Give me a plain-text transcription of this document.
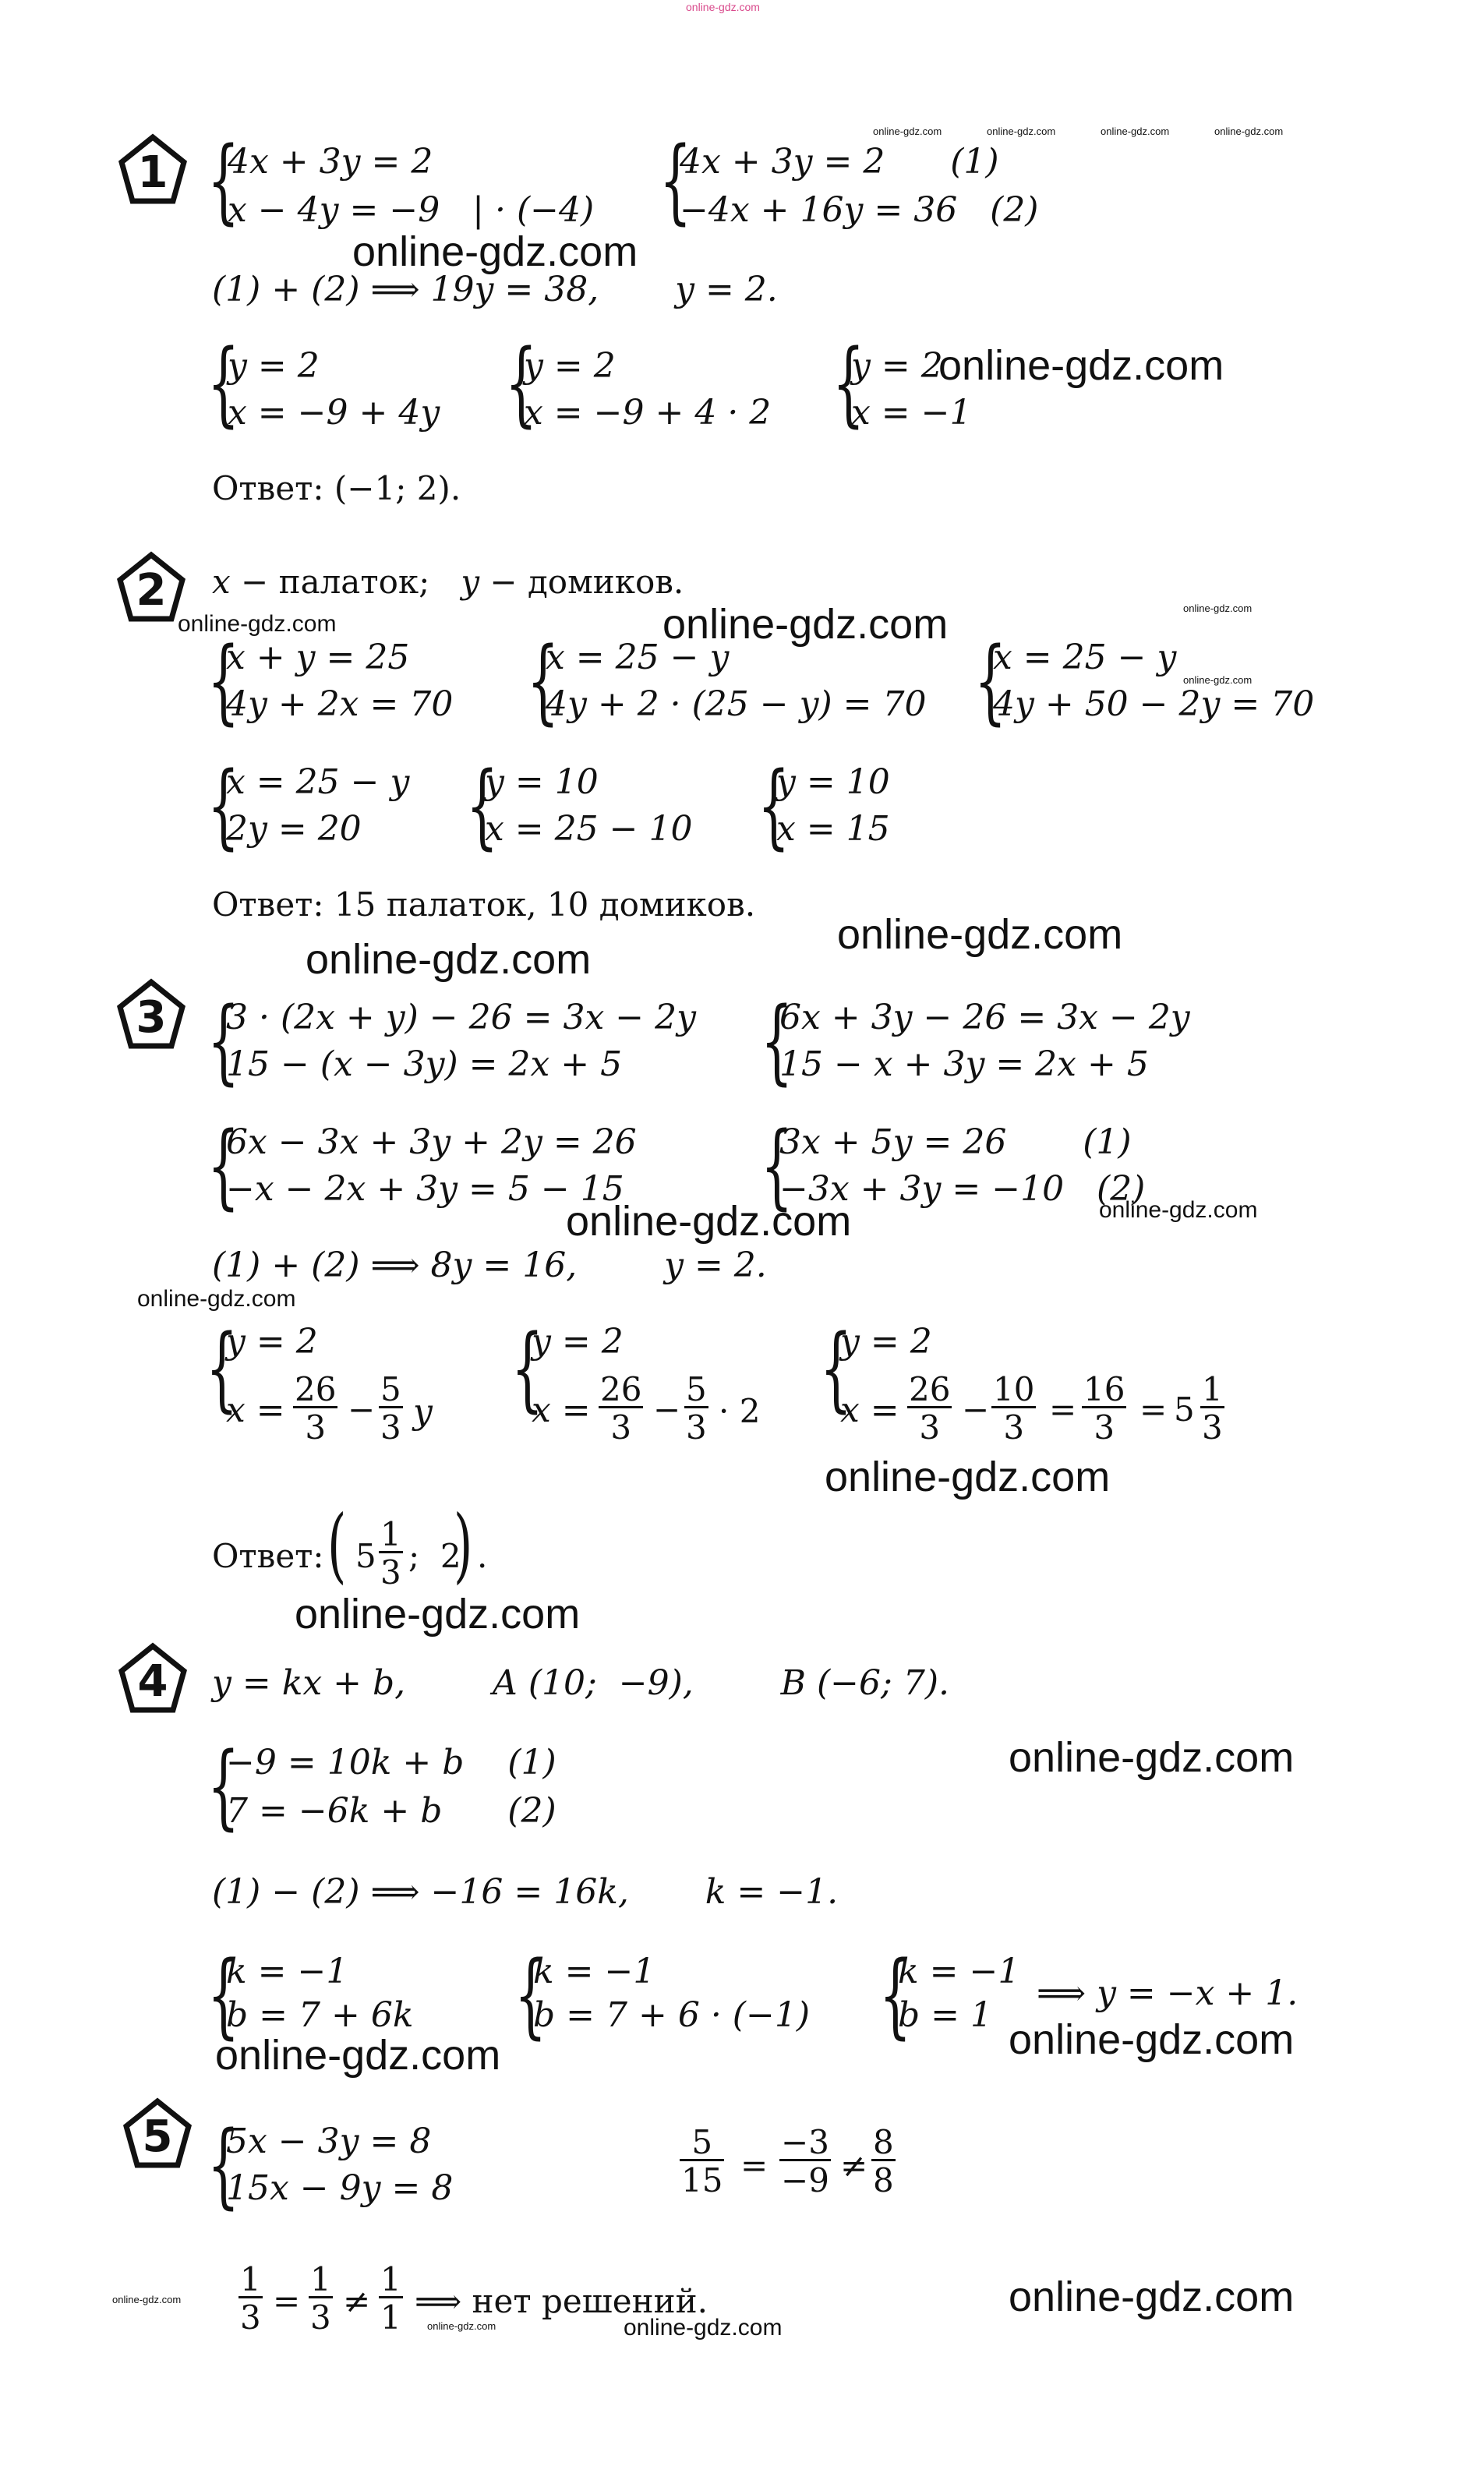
online-gdz.com
1 {
4x + 3y = 2
x − 4y = −9   | · (−4) {
4x + 3y = 2      (1)
−4x + 16y = 36   (2)
online-gdz.com	online-gdz.com	online-gdz.com	online-gdz.com
online-gdz.com
(1) + (2) ⟹ 19y = 38,       y = 2.
{
y = 2
x = −9 + 4y {
y = 2
x = −9 + 4 · 2 {
y = 2
x = −1
online-gdz.com
Ответ: (−1; 2).
2 x − палаток;   y − домиков.
online-gdz.com	online-gdz.com	online-gdz.com
online-gdz.com
{
x + y = 25
4y + 2x = 70 {
x = 25 − y
4y + 2 · (25 − y) = 70 {
x = 25 − y
4y + 50 − 2y = 70
{
x = 25 − y
2y = 20 {
y = 10
x = 25 − 10 {
y = 10
x = 15
Ответ: 15 палаток, 10 домиков.
online-gdz.com
online-gdz.com
3 {
3 · (2x + y) − 26 = 3x − 2y
15 − (x − 3y) = 2x + 5 {
6x + 3y − 26 = 3x − 2y
15 − x + 3y = 2x + 5
{
6x − 3x + 3y + 2y = 26
−x − 2x + 3y = 5 − 15 {
3x + 5y = 26       (1)
−3x + 3y = −10   (2)
online-gdz.com	online-gdz.com
(1) + (2) ⟹ 8y = 16,        y = 2.
online-gdz.com
{
y = 2
x =
$\frac{26}{3} - \frac{5}{3}$ y {
y = 2
x =
$\frac{26}{3} - \frac{5}{3} \cdot 2$ {
y = 2
x =
$\frac{26}{3} - \frac{10}{3} = \frac{16}{3} = 5 \frac{1}{3}$
online-gdz.com
Ответ: ( $5 \frac{1}{3}$ ;  2
) .
online-gdz.com
4 y = kx + b,        A (10;  −9),        B (−6; 7).
{
−9 = 10k + b    (1)
7 = −6k + b      (2)
online-gdz.com
(1) − (2) ⟹ −16 = 16k,       k = −1.
{
k = −1
b = 7 + 6k {
k = −1
b = 7 + 6 · (−1) {
k = −1
b = 1
⟹ y = −x + 1.
online-gdz.com
online-gdz.com
5 {
5x − 3y = 8
15x − 9y = 8	$\frac{5}{15} = \frac{-3}{-9} \ne \frac{8}{8}$
online-gdz.com $\frac{1}{3} = \frac{1}{3} \ne \frac{1}{1}$ ⟹ нет решений.
online-gdz.com	online-gdz.com
online-gdz.com
